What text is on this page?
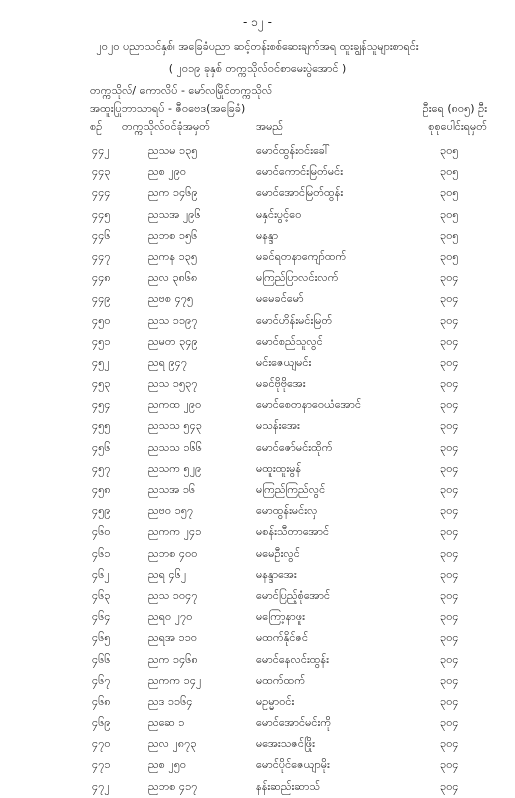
- ၁၂ -
၂၀၂၀ ပညာသင်နှစ်၊ အခြေခံပညာ ဆင့်တန်းစစ်ဆေးချက်အရ ထူးချွန်သူများစာရင်း
( ၂၀၁၉ ခုနှစ် တက္ကသိုလ်ဝင်စာမေးပွဲအောင် )
တက္ကသိုလ်/ ကောလိပ် - မော်လမြိုင်တက္ကသိုလ်
အထူးပြုဘာသာရပ် - ဇီဝဗေဒ(အခြေခံ)	ဦးရေ (၈၀၅) ဦး
စုစုပေါင်းရမှတ်
စဉ် တက္ကသိုလ်ဝင်ခုံအမှတ်	အမည်
၄၄၂	ညသမ ၁၃၅	မောင်ထွန်းဝင်းခေါ်	၃၀၅
၄၄၃	ညစ ၂၉၀	မောင်ကောင်းမြတ်မင်း	၃၀၅
၄၄၄	ညက ၁၄၆၉	မောင်အောင်မြတ်ထွန်း	၃၀၅
၄၄၅	ညသအ ၂၉၆	မနှင်းပွင့်ဝေ	၃၀၅
၄၄၆	ညဘစ ၁၅၆	မနန္ဒာ	၃၀၅
၄၄၇	ညကန ၁၃၅	မခင်ရတနာကျော်ထက်	၃၀၅
၄၄၈	ညလ ၃၈၆၈	မကြည်ပြာလင်းလက်	၃၀၄
၄၄၉	ညဗစ ၄၇၅	မမေခင်မော်	၃၀၄
၄၅၀	ညသ ၁၁၉၇	မောင်ဟိန်းမင်းမြတ်	၃၀၄
၄၅၁	ညမတ ၃၄၉	မောင်စည်သူလွင်	၃၀၄
၄၅၂	ညရ ၉၄၇	မင်းဇေယျမင်း	၃၀၄
၄၅၃	ညသ ၁၅၃၇	မခင်ဗိုဗိုအေး	၃၀၄
၄၅၄	ညကထ ၂၉၀	မောင်စေတနာဝေယံအောင်	၃၀၄
၄၅၅	ညသသ ၅၄၃	မသန်းအေး	၃၀၄
၄၅၆	ညသသ ၁၆၆	မောင်ဇော်မင်းထိုက်	၃၀၄
၄၅၇	ညသက ၅၂၉	မထူးထူးမွန်	၃၀၄
၄၅၈	ညသအ ၁၆	မကြည်ကြည်လွင်	၃၀၄
၄၅၉	ညဗ၀ ၁၅၇	မောထွန်းမင်းလှ	၃၀၄
၄၆၀	ညကက ၂၄၁	မစန်းသီတာအောင်	၃၀၄
၄၆၁	ညဘစ ၄၀၀	မမေဦးလွင်	၃၀၄
၄၆၂	ညရ ၄၆၂	မနန္ဒာအေး	၃၀၄
၄၆၃	ညသ ၁၀၄၇	မောင်ပြည့်စုံအောင်	၃၀၄
၄၆၄	ညရ၀ ၂၇၀	မကြော့နာဖူး	၃၀၄
၄၆၅	ညရအ ၁၁၀	မထက်နိုင်ဇင်	၃၀၄
၄၆၆	ညက ၁၄၆၈	မောင်နေလင်းထွန်း	၃၀၄
၄၆၇	ညကက ၁၄၂	မထက်ထက်	၃၀၄
၄၆၈	ညဒ ၁၁၆၄	မဥမ္မာဝင်း	၃၀၄
၄၆၉	ညဆေ ၁	မောင်အောင်မင်းကို	၃၀၄
၄၇၀	ညလ ၂၈၇၃	မအေးသဇင်ဖြိုး	၃၀၄
၄၇၁	ညစ ၂၅၀	မောင်ပိုင်ဇေယျာမိုး	၃၀၄
၄၇၂	ညဘစ ၄၁၇	နန်းဆည်းဆာသ်	၃၀၄
